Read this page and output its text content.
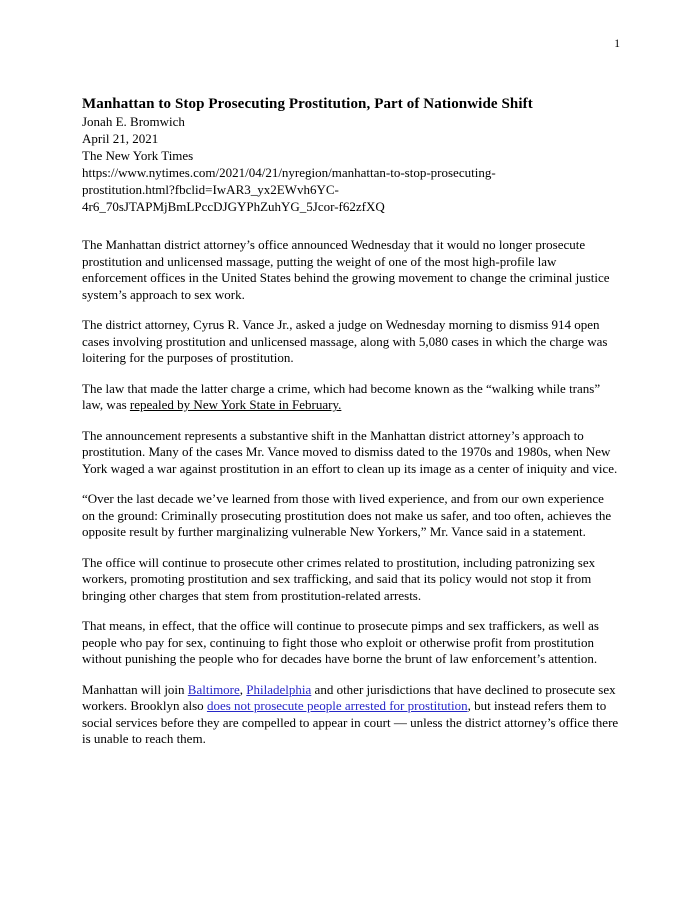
1
Manhattan to Stop Prosecuting Prostitution, Part of Nationwide Shift
Jonah E. Bromwich
April 21, 2021
The New York Times
https://www.nytimes.com/2021/04/21/nyregion/manhattan-to-stop-prosecuting-
prostitution.html?fbclid=IwAR3_yx2EWvh6YC-
4r6_70sJTAPMjBmLPccDJGYPhZuhYG_5Jcor-f62zfXQ

The Manhattan district attorney’s office announced Wednesday that it would no longer prosecute prostitution and unlicensed massage, putting the weight of one of the most high-profile law enforcement offices in the United States behind the growing movement to change the criminal justice system’s approach to sex work.

The district attorney, Cyrus R. Vance Jr., asked a judge on Wednesday morning to dismiss 914 open cases involving prostitution and unlicensed massage, along with 5,080 cases in which the charge was loitering for the purposes of prostitution.

The law that made the latter charge a crime, which had become known as the “walking while trans” law, was repealed by New York State in February.

The announcement represents a substantive shift in the Manhattan district attorney’s approach to prostitution. Many of the cases Mr. Vance moved to dismiss dated to the 1970s and 1980s, when New York waged a war against prostitution in an effort to clean up its image as a center of iniquity and vice.

“Over the last decade we’ve learned from those with lived experience, and from our own experience on the ground: Criminally prosecuting prostitution does not make us safer, and too often, achieves the opposite result by further marginalizing vulnerable New Yorkers,” Mr. Vance said in a statement.

The office will continue to prosecute other crimes related to prostitution, including patronizing sex workers, promoting prostitution and sex trafficking, and said that its policy would not stop it from bringing other charges that stem from prostitution-related arrests.

That means, in effect, that the office will continue to prosecute pimps and sex traffickers, as well as people who pay for sex, continuing to fight those who exploit or otherwise profit from prostitution without punishing the people who for decades have borne the brunt of law enforcement’s attention.

Manhattan will join Baltimore, Philadelphia and other jurisdictions that have declined to prosecute sex workers. Brooklyn also does not prosecute people arrested for prostitution, but instead refers them to social services before they are compelled to appear in court — unless the district attorney’s office there is unable to reach them.
